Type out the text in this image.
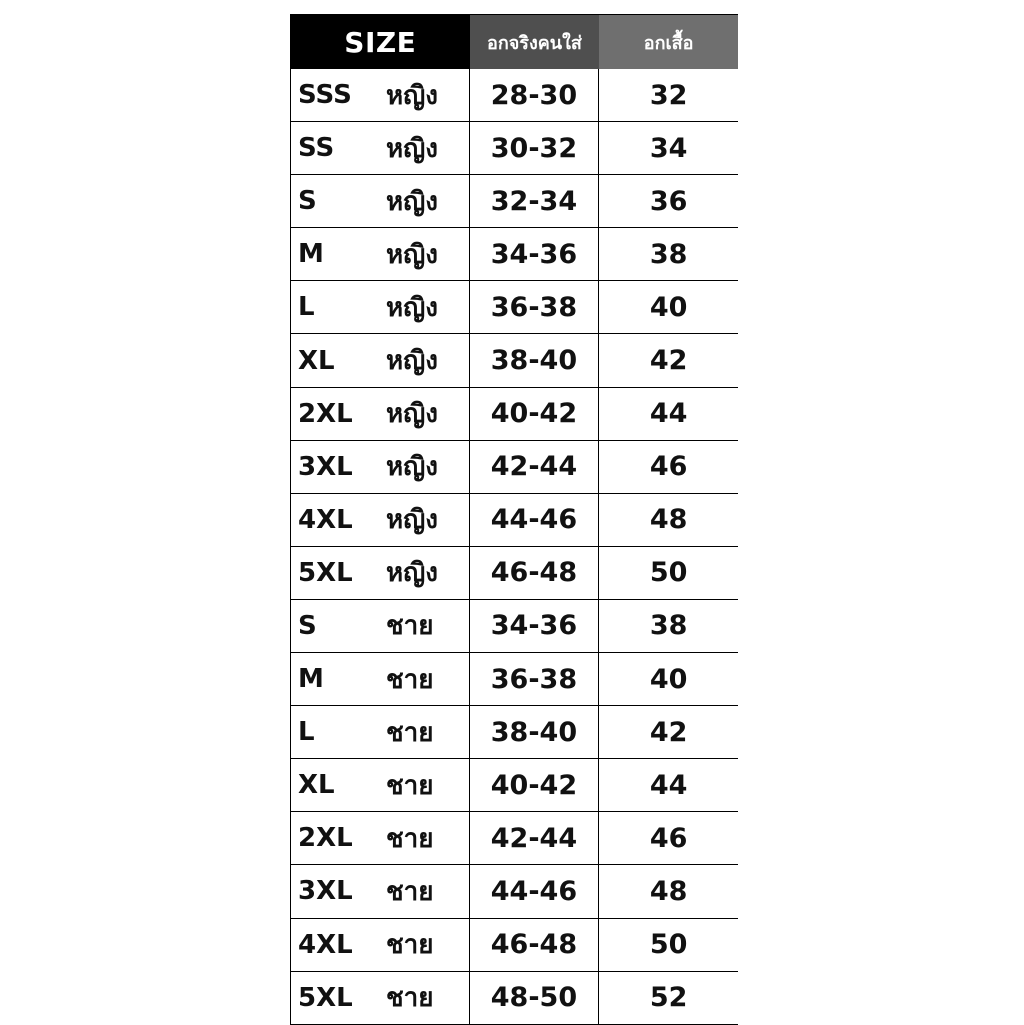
SIZE	อกจริงคนใส่	อกเสื้อ
SSS	หญิง	28-30	32
SS	หญิง	30-32	34
S	หญิง	32-34	36
M	หญิง	34-36	38
L	หญิง	36-38	40
XL	หญิง	38-40	42
2XL	หญิง	40-42	44
3XL	หญิง	42-44	46
4XL	หญิง	44-46	48
5XL	หญิง	46-48	50
S	ชาย	34-36	38
M	ชาย	36-38	40
L	ชาย	38-40	42
XL	ชาย	40-42	44
2XL	ชาย	42-44	46
3XL	ชาย	44-46	48
4XL	ชาย	46-48	50
5XL	ชาย	48-50	52
